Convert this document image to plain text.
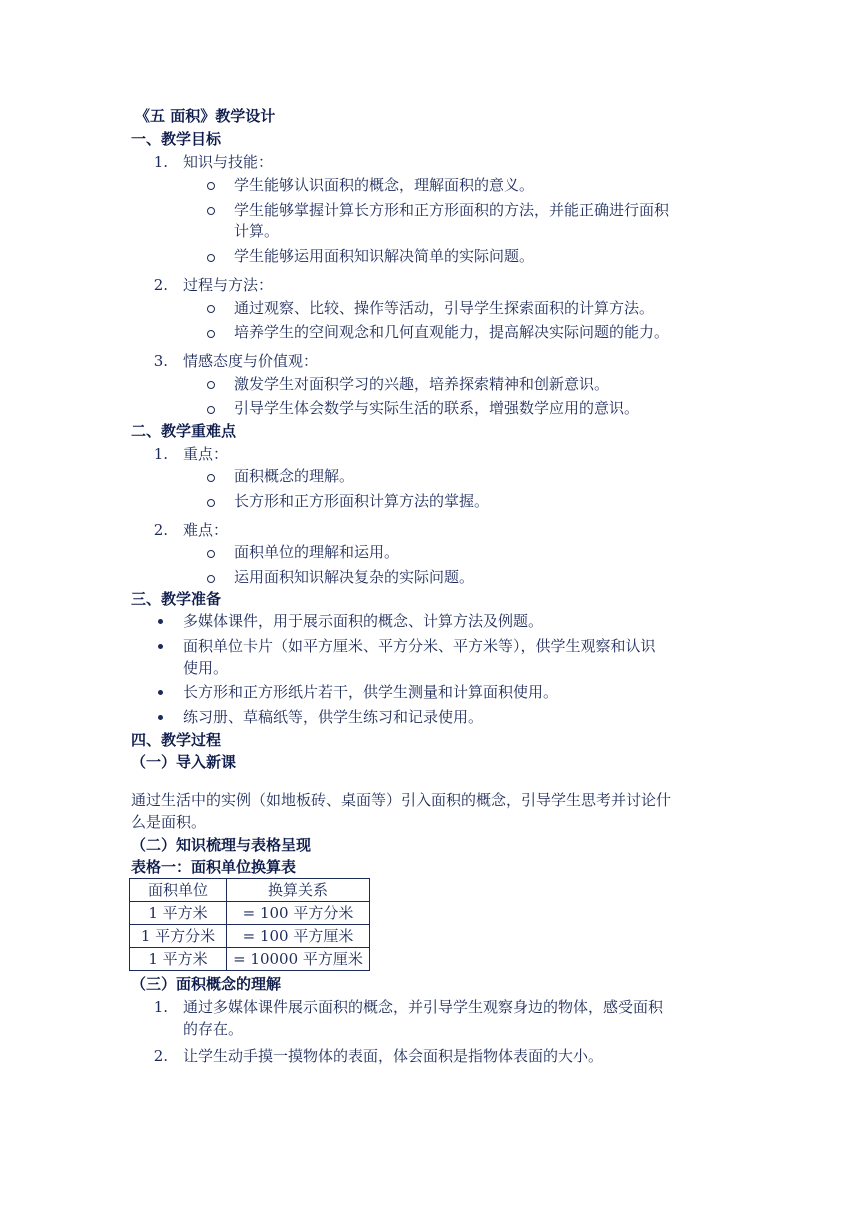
《五 面积》教学设计
一、教学目标
1. 知识与技能：
学生能够认识面积的概念，理解面积的意义。
学生能够掌握计算长方形和正方形面积的方法，并能正确进行面积
计算。
学生能够运用面积知识解决简单的实际问题。
2. 过程与方法：
通过观察、比较、操作等活动，引导学生探索面积的计算方法。
培养学生的空间观念和几何直观能力，提高解决实际问题的能力。
3. 情感态度与价值观：
激发学生对面积学习的兴趣，培养探索精神和创新意识。
引导学生体会数学与实际生活的联系，增强数学应用的意识。
二、教学重难点
1. 重点：
面积概念的理解。
长方形和正方形面积计算方法的掌握。
2. 难点：
面积单位的理解和运用。
运用面积知识解决复杂的实际问题。
三、教学准备
多媒体课件，用于展示面积的概念、计算方法及例题。
面积单位卡片（如平方厘米、平方分米、平方米等），供学生观察和认识
使用。
长方形和正方形纸片若干，供学生测量和计算面积使用。
练习册、草稿纸等，供学生练习和记录使用。
四、教学过程
（一）导入新课
通过生活中的实例（如地板砖、桌面等）引入面积的概念，引导学生思考并讨论什
么是面积。
（二）知识梳理与表格呈现
表格一：面积单位换算表
面积单位	换算关系
1 平方米	= 100 平方分米
1 平方分米	= 100 平方厘米
1 平方米	= 10000 平方厘米
（三）面积概念的理解
1. 通过多媒体课件展示面积的概念，并引导学生观察身边的物体，感受面积
的存在。
2. 让学生动手摸一摸物体的表面，体会面积是指物体表面的大小。
